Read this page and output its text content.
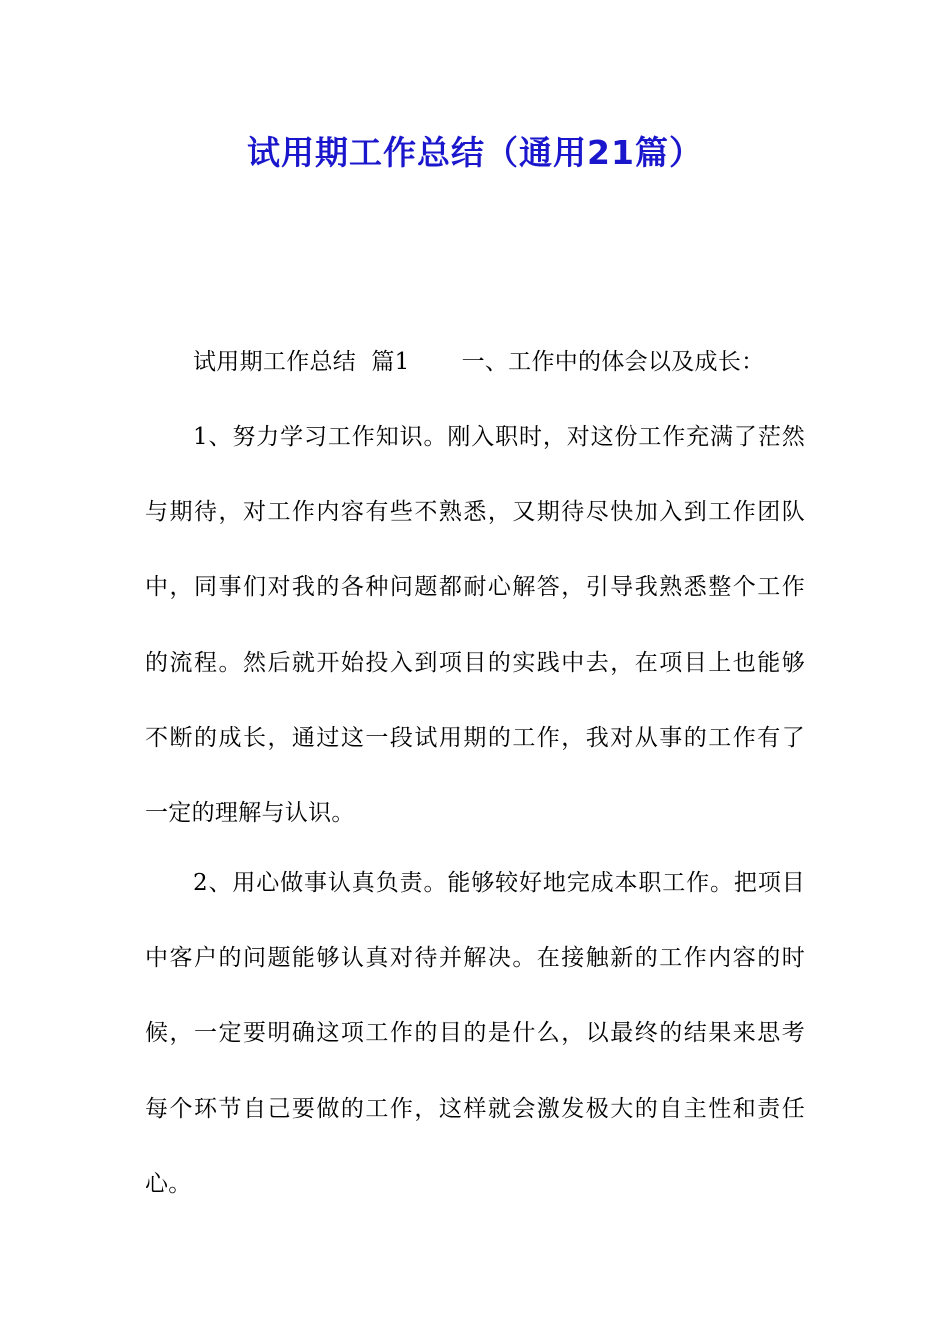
试用期工作总结（通用21篇）
试用期工作总结  篇1 一、工作中的体会以及成长：
1、努力学习工作知识。刚入职时，对这份工作充满了茫然
与期待，对工作内容有些不熟悉，又期待尽快加入到工作团队
中，同事们对我的各种问题都耐心解答，引导我熟悉整个工作
的流程。然后就开始投入到项目的实践中去，在项目上也能够
不断的成长，通过这一段试用期的工作，我对从事的工作有了
一定的理解与认识。
2、用心做事认真负责。能够较好地完成本职工作。把项目
中客户的问题能够认真对待并解决。在接触新的工作内容的时
候，一定要明确这项工作的目的是什么，以最终的结果来思考
每个环节自己要做的工作，这样就会激发极大的自主性和责任
心。
